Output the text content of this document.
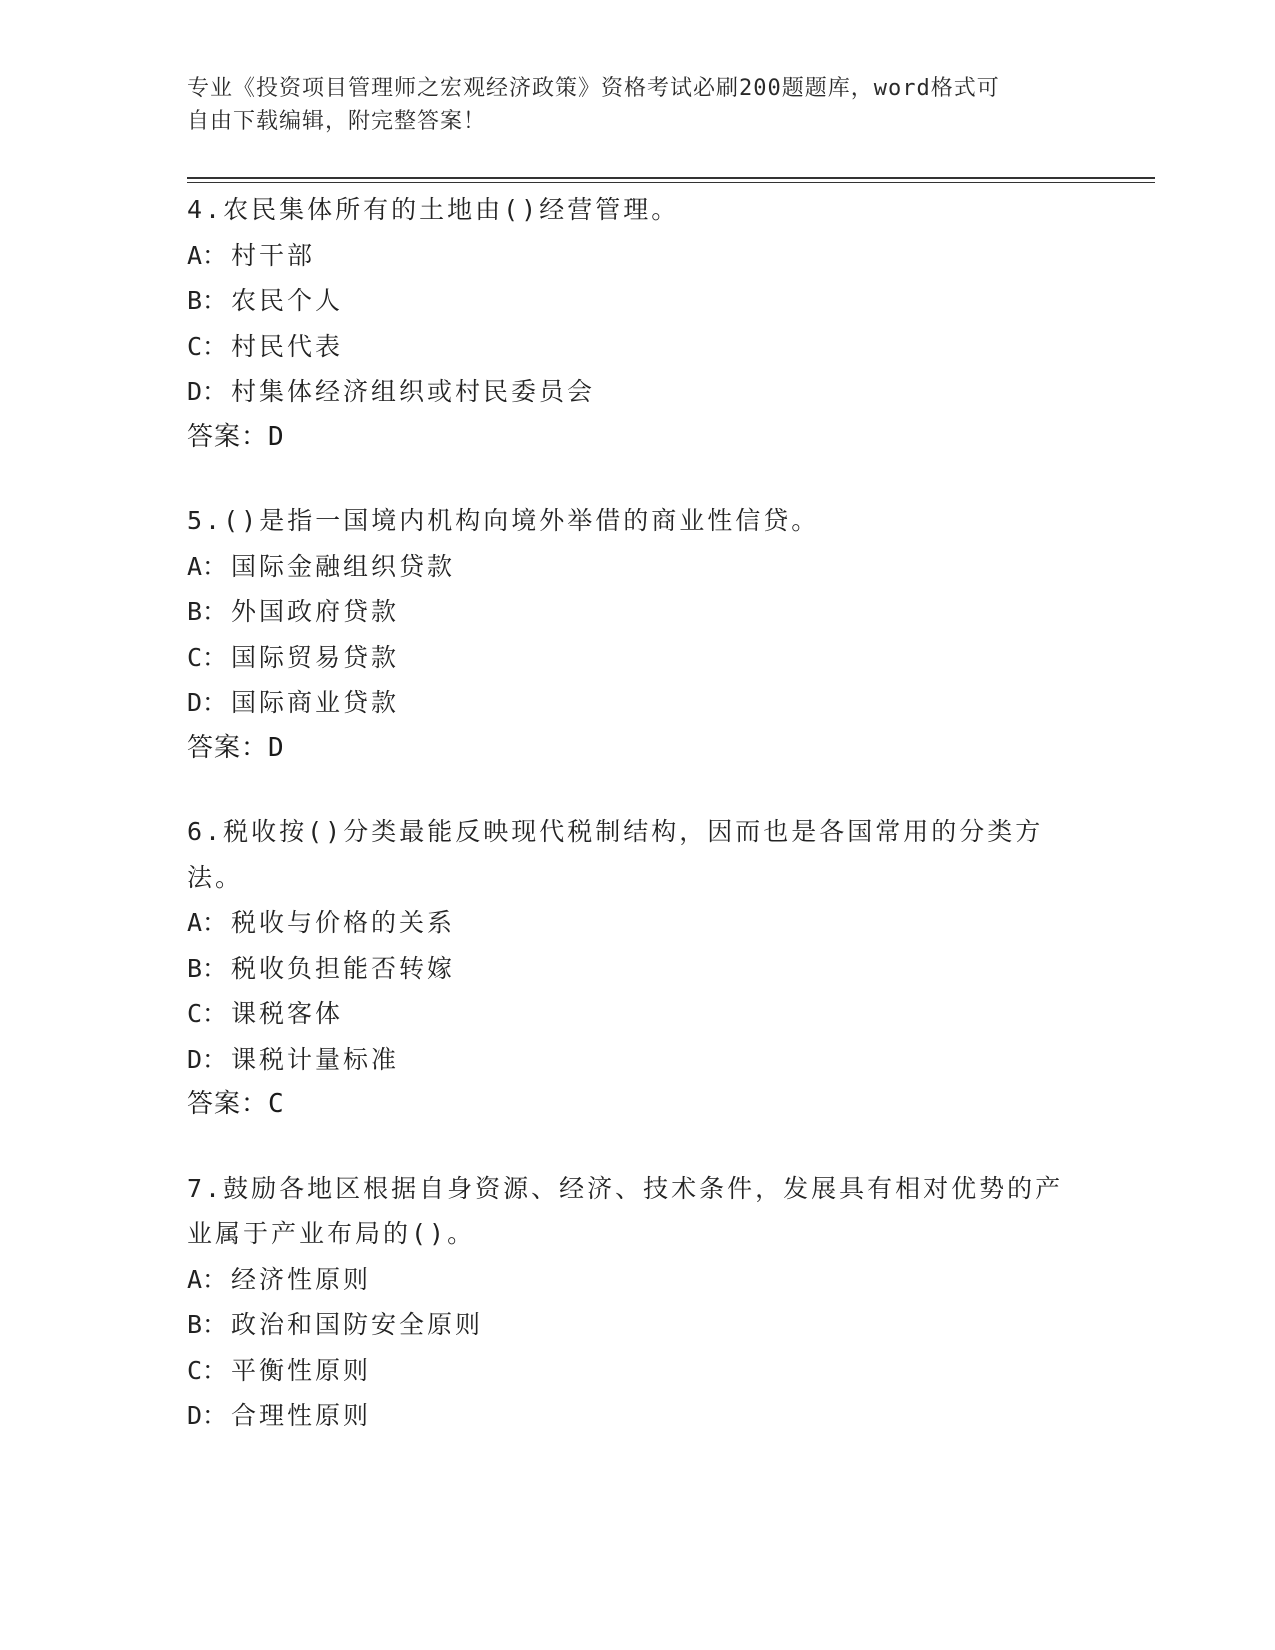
专业《投资项目管理师之宏观经济政策》资格考试必刷200题题库，word格式可
自由下载编辑，附完整答案！
4.农民集体所有的土地由()经营管理。
A： 村干部
B： 农民个人
C： 村民代表
D： 村集体经济组织或村民委员会
答案：D
5.()是指一国境内机构向境外举借的商业性信贷。
A： 国际金融组织贷款
B： 外国政府贷款
C： 国际贸易贷款
D： 国际商业贷款
答案：D
6.税收按()分类最能反映现代税制结构，因而也是各国常用的分类方法。
A： 税收与价格的关系
B： 税收负担能否转嫁
C： 课税客体
D： 课税计量标准
答案：C
7.鼓励各地区根据自身资源、经济、技术条件，发展具有相对优势的产业属于产业布局的()。
A： 经济性原则
B： 政治和国防安全原则
C： 平衡性原则
D： 合理性原则
